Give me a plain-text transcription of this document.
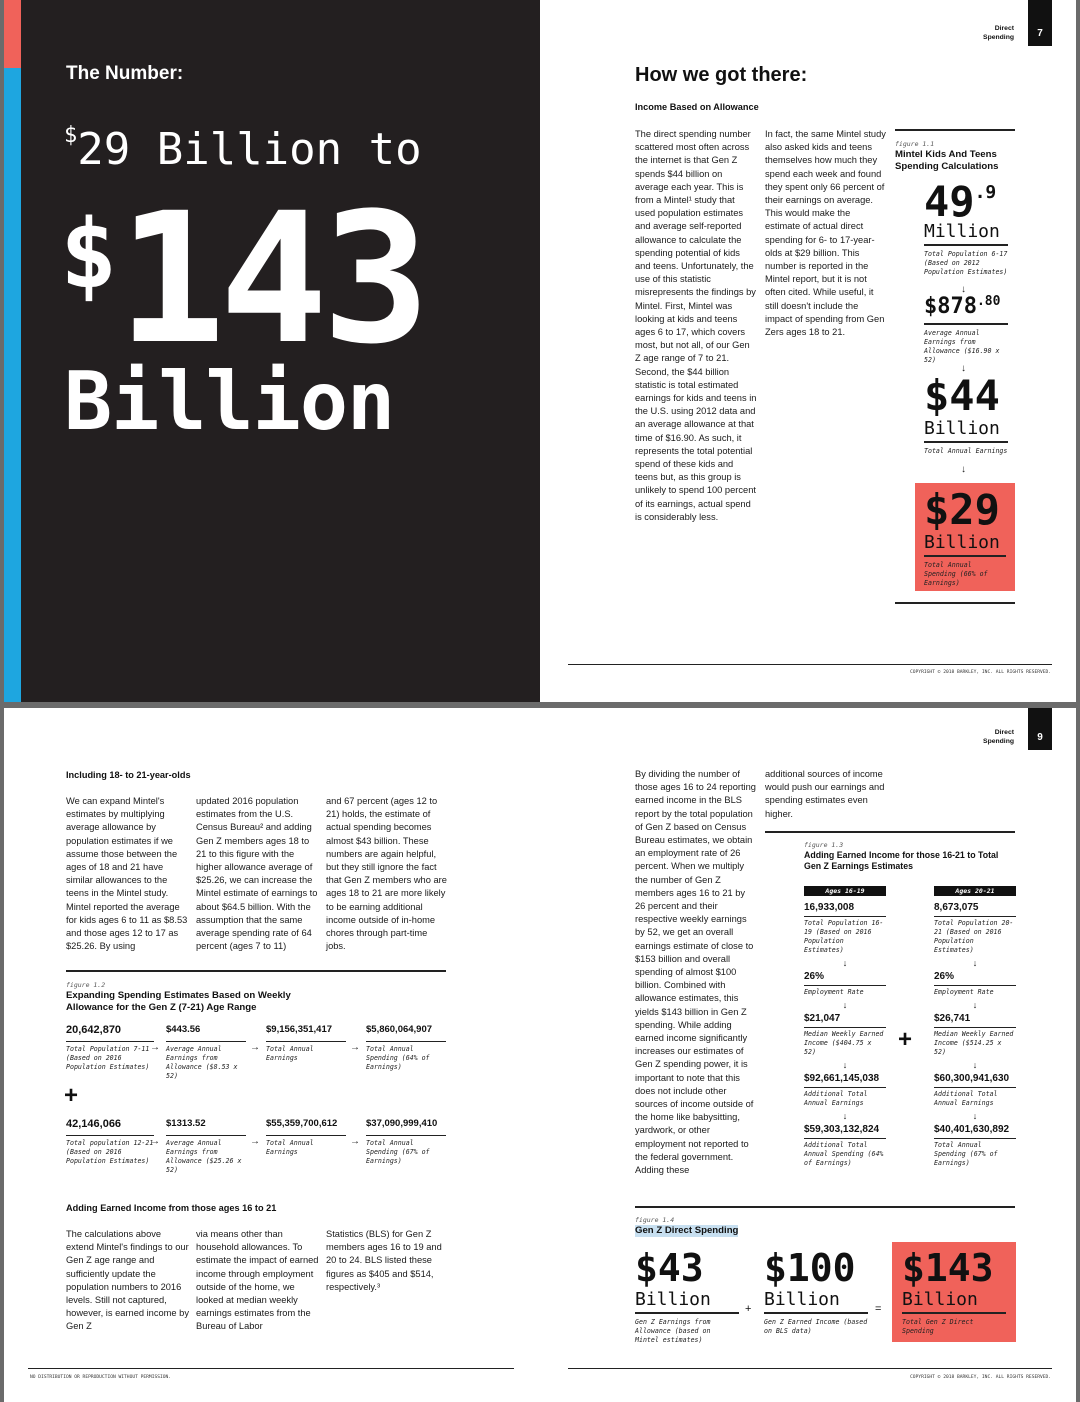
The Number:
$29 Billion to
$143
Billion
Direct
Spending	7
How we got there:
Income Based on Allowance
The direct spending number scattered most often across the internet is that Gen Z spends $44 billion on average each year. This is from a Mintel¹ study that used population estimates and average self-reported allowance to calculate the spending potential of kids and teens. Unfortunately, the use of this statistic misrepresents the findings by Mintel. First, Mintel was looking at kids and teens ages 6 to 17, which covers most, but not all, of our Gen Z age range of 7 to 21. Second, the $44 billion statistic is total estimated earnings for kids and teens in the U.S. using 2012 data and an average allowance at that time of $16.90. As such, it represents the total potential spend of these kids and teens but, as this group is unlikely to spend 100 percent of its earnings, actual spend is considerably less.
In fact, the same Mintel study also asked kids and teens themselves how much they spend each week and found they spent only 66 percent of their earnings on average. This would make the estimate of actual direct spending for 6- to 17-year-olds at $29 billion. This number is reported in the Mintel report, but it is not often cited. While useful, it still doesn't include the impact of spending from Gen Zers ages 18 to 21.
figure 1.1
Mintel Kids And Teens Spending Calculations
49.9
Million
Total Population 6-17 (Based on 2012 Population Estimates)
↓
$\$878^{.80}$
Average Annual Earnings from Allowance ($16.90 x 52)
↓
$44
Billion
Total Annual Earnings
↓
$29
Billion
Total Annual Spending (66% of Earnings)
COPYRIGHT © 2018 BARKLEY, INC. ALL RIGHTS RESERVED.
Including 18- to 21-year-olds
We can expand Mintel's estimates by multiplying average allowance by population estimates if we assume those between the ages of 18 and 21 have similar allowances to the teens in the Mintel study. Mintel reported the average for kids ages 6 to 11 as $8.53 and those ages 12 to 17 as $25.26. By using
updated 2016 population estimates from the U.S. Census Bureau² and adding Gen Z members ages 18 to 21 to this figure with the higher allowance average of $25.26, we can increase the Mintel estimate of earnings to about $64.5 billion. With the assumption that the same average spending rate of 64 percent (ages 7 to 11)
and 67 percent (ages 12 to 21) holds, the estimate of actual spending becomes almost $43 billion. These numbers are again helpful, but they still ignore the fact that Gen Z members who are ages 18 to 21 are more likely to be earning additional income outside of in-home chores through part-time jobs.
figure 1.2
Expanding Spending Estimates Based on Weekly Allowance for the Gen Z (7-21) Age Range
20,642,870
Total Population 7-11 (Based on 2016 Population Estimates)
→
$443.56
Average Annual Earnings from Allowance ($8.53 x 52)
→
$9,156,351,417
Total Annual Earnings
→
$5,860,064,907
Total Annual Spending (64% of Earnings)
+
42,146,066
Total population 12-21 (Based on 2016 Population Estimates)
→
$1313.52
Average Annual Earnings from Allowance ($25.26 x 52)
→
$55,359,700,612
Total Annual Earnings
→
$37,090,999,410
Total Annual Spending (67% of Earnings)
Adding Earned Income from those ages 16 to 21
The calculations above extend Mintel's findings to our Gen Z age range and sufficiently update the population numbers to 2016 levels. Still not captured, however, is earned income by Gen Z
via means other than household allowances. To estimate the impact of earned income through employment outside of the home, we looked at median weekly earnings estimates from the Bureau of Labor
Statistics (BLS) for Gen Z members ages 16 to 19 and 20 to 24. BLS listed these figures as $405 and $514, respectively.³
NO DISTRIBUTION OR REPRODUCTION WITHOUT PERMISSION.
Direct
Spending	9
By dividing the number of those ages 16 to 24 reporting earned income in the BLS report by the total population of Gen Z based on Census Bureau estimates, we obtain an employment rate of 26 percent. When we multiply the number of Gen Z members ages 16 to 21 by 26 percent and their respective weekly earnings by 52, we get an overall earnings estimate of close to $153 billion and overall spending of almost $100 billion. Combined with allowance estimates, this yields $143 billion in Gen Z spending. While adding earned income significantly increases our estimates of Gen Z spending power, it is important to note that this does not include other sources of income outside of the home like babysitting, yardwork, or other employment not reported to the federal government. Adding these
additional sources of income would push our earnings and spending estimates even higher.
figure 1.3
Adding Earned Income for those 16-21 to Total Gen Z Earnings Estimates
Ages 16-19
16,933,008
Total Population 16-19 (Based on 2016 Population Estimates)
↓
26%
Employment Rate
↓
$21,047
Median Weekly Earned Income ($404.75 x 52)
↓
$92,661,145,038
Additional Total Annual Earnings
↓
$59,303,132,824
Additional Total Annual Spending (64% of Earnings)
+
Ages 20-21
8,673,075
Total Population 20-21 (Based on 2016 Population Estimates)
↓
26%
Employment Rate
↓
$26,741
Median Weekly Earned Income ($514.25 x 52)
↓
$60,300,941,630
Additional Total Annual Earnings
↓
$40,401,630,892
Total Annual Spending (67% of Earnings)
figure 1.4
Gen Z Direct Spending
$43
Billion
Gen Z Earnings from Allowance (based on Mintel estimates)
+
$100
Billion
Gen Z Earned Income (based on BLS data)
=
$143
Billion
Total Gen Z Direct Spending
COPYRIGHT © 2018 BARKLEY, INC. ALL RIGHTS RESERVED.
